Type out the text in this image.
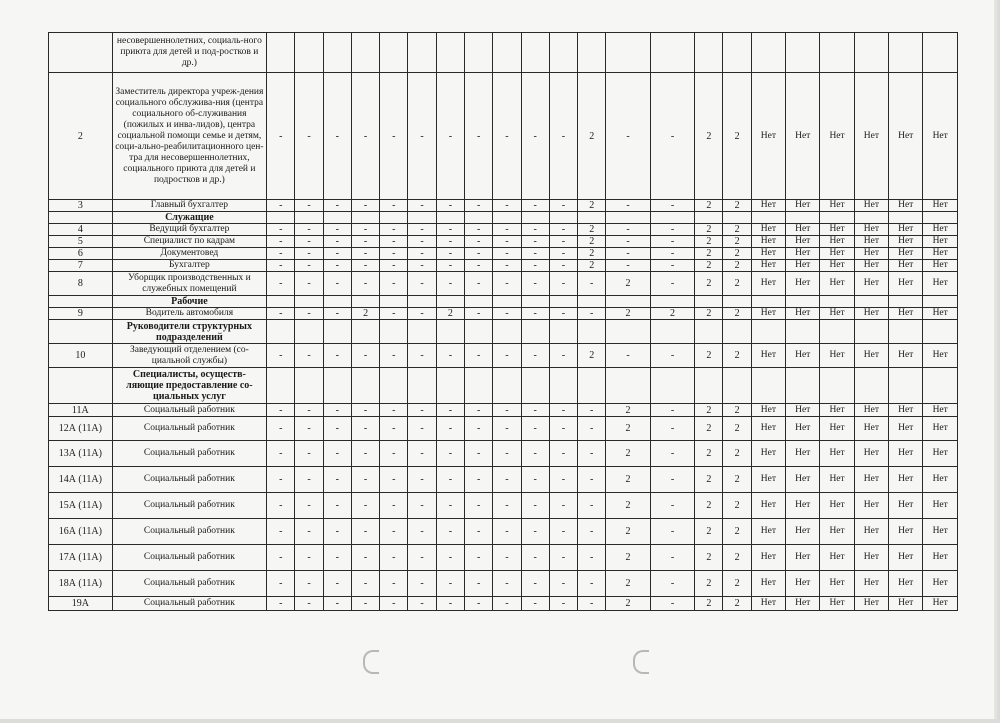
	несовершеннолетних, социаль-ного приюта для детей и под-ростков и др.)																						
2	Заместитель директора учреж-дения социального обслужива-ния (центра социального об-служивания (пожилых и инва-лидов), центра социальной помощи семье и детям, соци-ально-реабилитационного цен-тра для несовершеннолетних, социального приюта для детей и подростков и др.)	-	-	-	-	-	-	-	-	-	-	-	2	-	-	2	2	Нет	Нет	Нет	Нет	Нет	Нет
3	Главный бухгалтер	-	-	-	-	-	-	-	-	-	-	-	2	-	-	2	2	Нет	Нет	Нет	Нет	Нет	Нет
	Служащие																						
4	Ведущий бухгалтер	-	-	-	-	-	-	-	-	-	-	-	2	-	-	2	2	Нет	Нет	Нет	Нет	Нет	Нет
5	Специалист по кадрам	-	-	-	-	-	-	-	-	-	-	-	2	-	-	2	2	Нет	Нет	Нет	Нет	Нет	Нет
6	Документовед	-	-	-	-	-	-	-	-	-	-	-	2	-	-	2	2	Нет	Нет	Нет	Нет	Нет	Нет
7	Бухгалтер	-	-	-	-	-	-	-	-	-	-	-	2	-	-	2	2	Нет	Нет	Нет	Нет	Нет	Нет
8	Уборщик производственных и служебных помещений	-	-	-	-	-	-	-	-	-	-	-	-	2	-	2	2	Нет	Нет	Нет	Нет	Нет	Нет
	Рабочие																						
9	Водитель автомобиля	-	-	-	2	-	-	2	-	-	-	-	-	2	2	2	2	Нет	Нет	Нет	Нет	Нет	Нет
	Руководители структурных подразделений																						
10	Заведующий отделением (со-циальной службы)	-	-	-	-	-	-	-	-	-	-	-	2	-	-	2	2	Нет	Нет	Нет	Нет	Нет	Нет
	Специалисты, осуществ-ляющие предоставление со-циальных услуг																						
11А	Социальный работник	-	-	-	-	-	-	-	-	-	-	-	-	2	-	2	2	Нет	Нет	Нет	Нет	Нет	Нет
12А (11А)	Социальный работник	-	-	-	-	-	-	-	-	-	-	-	-	2	-	2	2	Нет	Нет	Нет	Нет	Нет	Нет
13А (11А)	Социальный работник	-	-	-	-	-	-	-	-	-	-	-	-	2	-	2	2	Нет	Нет	Нет	Нет	Нет	Нет
14А (11А)	Социальный работник	-	-	-	-	-	-	-	-	-	-	-	-	2	-	2	2	Нет	Нет	Нет	Нет	Нет	Нет
15А (11А)	Социальный работник	-	-	-	-	-	-	-	-	-	-	-	-	2	-	2	2	Нет	Нет	Нет	Нет	Нет	Нет
16А (11А)	Социальный работник	-	-	-	-	-	-	-	-	-	-	-	-	2	-	2	2	Нет	Нет	Нет	Нет	Нет	Нет
17А (11А)	Социальный работник	-	-	-	-	-	-	-	-	-	-	-	-	2	-	2	2	Нет	Нет	Нет	Нет	Нет	Нет
18А (11А)	Социальный работник	-	-	-	-	-	-	-	-	-	-	-	-	2	-	2	2	Нет	Нет	Нет	Нет	Нет	Нет
19А	Социальный работник	-	-	-	-	-	-	-	-	-	-	-	-	2	-	2	2	Нет	Нет	Нет	Нет	Нет	Нет
